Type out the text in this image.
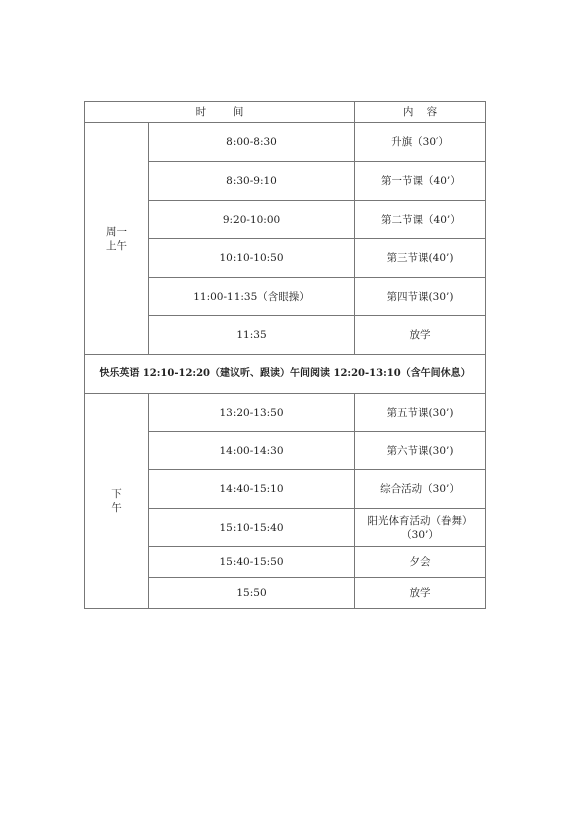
时        间		内    容

周一
上午	8:00-8:30	升旗（30′）
	8:30-9:10	第一节课（40’）
	9:20-10:00	第二节课（40’）
	10:10-10:50	第三节课(40’)
	11:00-11:35（含眼操）	第四节课(30’)
	11:35	放学
快乐英语 12:10-12:20（建议听、跟读）午间阅读 12:20-13:10（含午间休息）		

下
午	13:20-13:50	第五节课(30’)
	14:00-14:30	第六节课(30’)
	14:40-15:10	综合活动（30’）
	15:10-15:40	阳光体育活动（眷舞）（30’）
	15:40-15:50	夕会
	15:50	放学
